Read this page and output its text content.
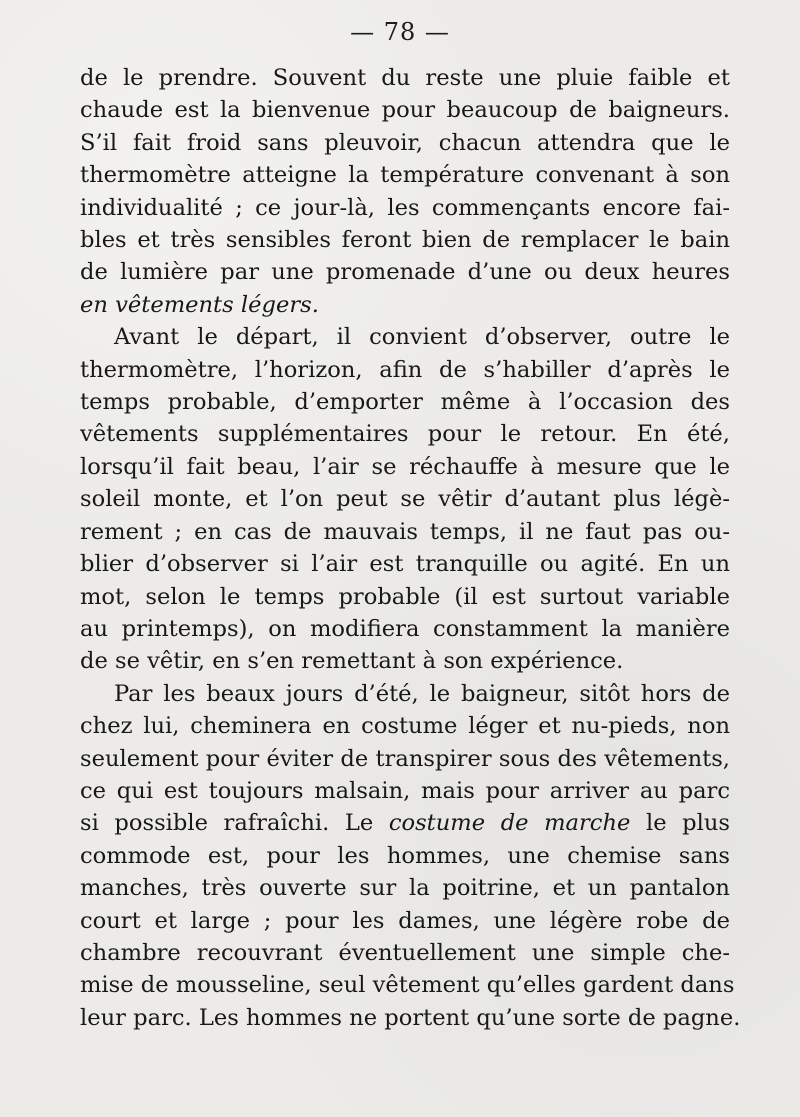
— 78 —
de le prendre. Souvent du reste une pluie faible et
chaude est la bienvenue pour beaucoup de baigneurs.
S’il fait froid sans pleuvoir, chacun attendra que le
thermomètre atteigne la température convenant à son
individualité ; ce jour-là, les commençants encore fai-
bles et très sensibles feront bien de remplacer le bain
de lumière par une promenade d’une ou deux heures
en vêtements légers.
Avant le départ, il convient d’observer, outre le
thermomètre, l’horizon, afin de s’habiller d’après le
temps probable, d’emporter même à l’occasion des
vêtements supplémentaires pour le retour. En été,
lorsqu’il fait beau, l’air se réchauffe à mesure que le
soleil monte, et l’on peut se vêtir d’autant plus légè-
rement ; en cas de mauvais temps, il ne faut pas ou-
blier d’observer si l’air est tranquille ou agité. En un
mot, selon le temps probable (il est surtout variable
au printemps), on modifiera constamment la manière
de se vêtir, en s’en remettant à son expérience.
Par les beaux jours d’été, le baigneur, sitôt hors de
chez lui, cheminera en costume léger et nu-pieds, non
seulement pour éviter de transpirer sous des vêtements,
ce qui est toujours malsain, mais pour arriver au parc
si possible rafraîchi. Le costume de marche le plus
commode est, pour les hommes, une chemise sans
manches, très ouverte sur la poitrine, et un pantalon
court et large ; pour les dames, une légère robe de
chambre recouvrant éventuellement une simple che-
mise de mousseline, seul vêtement qu’elles gardent dans
leur parc. Les hommes ne portent qu’une sorte de pagne.
